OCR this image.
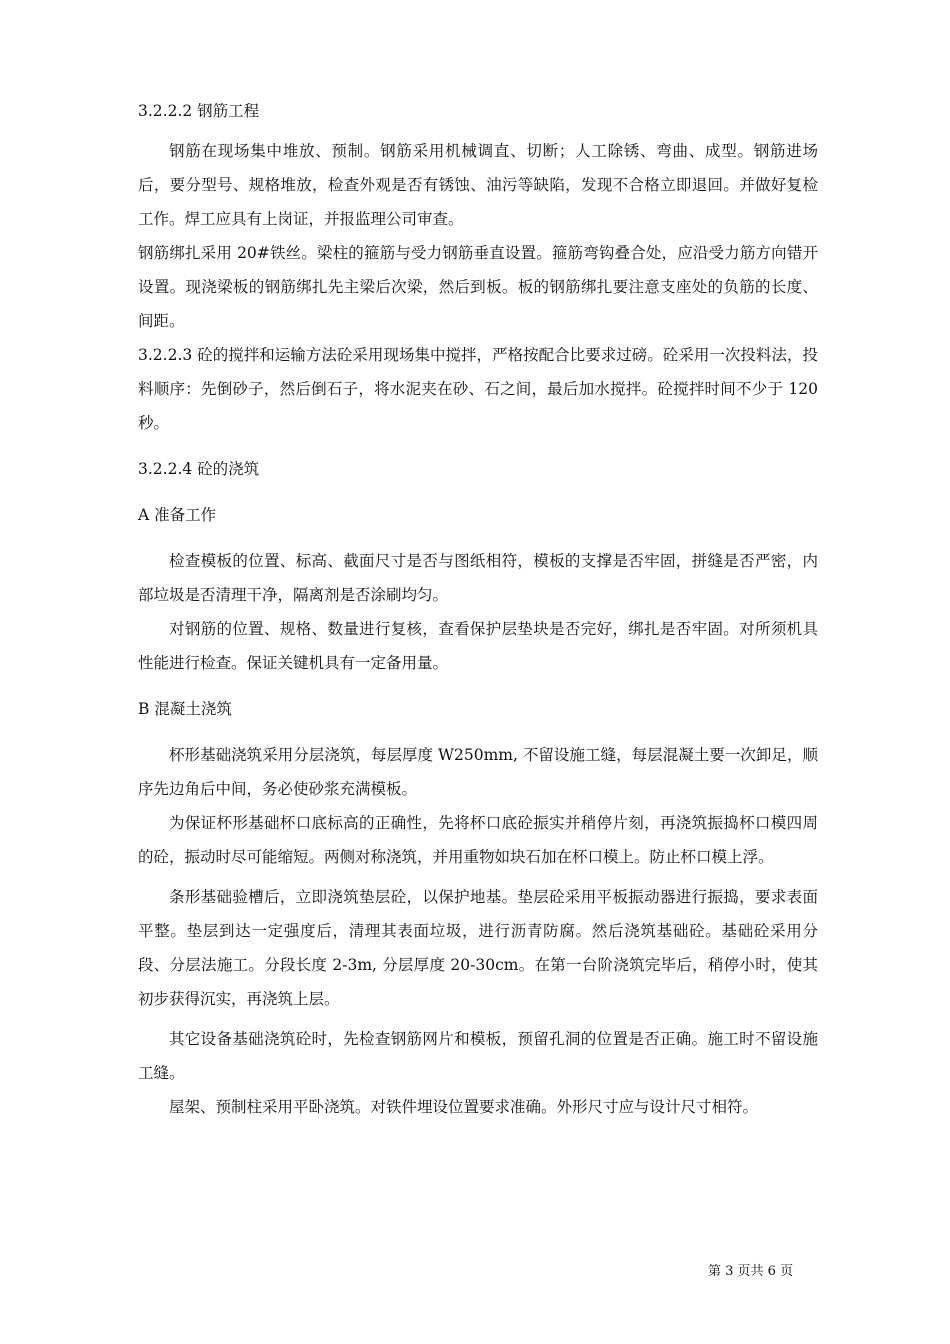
3.2.2.2 钢筋工程

钢筋在现场集中堆放、预制。钢筋采用机械调直、切断；人工除锈、弯曲、成型。钢筋进场后，要分型号、规格堆放，检查外观是否有锈蚀、油污等缺陷，发现不合格立即退回。并做好复检工作。焊工应具有上岗证，并报监理公司审查。

钢筋绑扎采用 20#铁丝。梁柱的箍筋与受力钢筋垂直设置。箍筋弯钩叠合处，应沿受力筋方向错开设置。现浇梁板的钢筋绑扎先主梁后次梁，然后到板。板的钢筋绑扎要注意支座处的负筋的长度、间距。

3.2.2.3 砼的搅拌和运输方法砼采用现场集中搅拌，严格按配合比要求过磅。砼采用一次投料法，投料顺序：先倒砂子，然后倒石子，将水泥夹在砂、石之间，最后加水搅拌。砼搅拌时间不少于 120 秒。

3.2.2.4 砼的浇筑

A 准备工作

检查模板的位置、标高、截面尺寸是否与图纸相符，模板的支撑是否牢固，拼缝是否严密，内部垃圾是否清理干净，隔离剂是否涂刷均匀。

对钢筋的位置、规格、数量进行复核，查看保护层垫块是否完好，绑扎是否牢固。对所须机具性能进行检查。保证关键机具有一定备用量。

B 混凝土浇筑

杯形基础浇筑采用分层浇筑，每层厚度 W250mm, 不留设施工缝，每层混凝土要一次卸足，顺序先边角后中间，务必使砂浆充满模板。

为保证杯形基础杯口底标高的正确性，先将杯口底砼振实并稍停片刻，再浇筑振捣杯口模四周的砼，振动时尽可能缩短。两侧对称浇筑，并用重物如块石加在杯口模上。防止杯口模上浮。

条形基础验槽后，立即浇筑垫层砼，以保护地基。垫层砼采用平板振动器进行振捣，要求表面平整。垫层到达一定强度后，清理其表面垃圾，进行沥青防腐。然后浇筑基础砼。基础砼采用分段、分层法施工。分段长度 2-3m, 分层厚度 20-30cm。在第一台阶浇筑完毕后，稍停小时，使其初步获得沉实，再浇筑上层。

其它设备基础浇筑砼时，先检查钢筋网片和模板，预留孔洞的位置是否正确。施工时不留设施工缝。

屋架、预制柱采用平卧浇筑。对铁件埋设位置要求准确。外形尺寸应与设计尺寸相符。

第 3 页共 6 页
